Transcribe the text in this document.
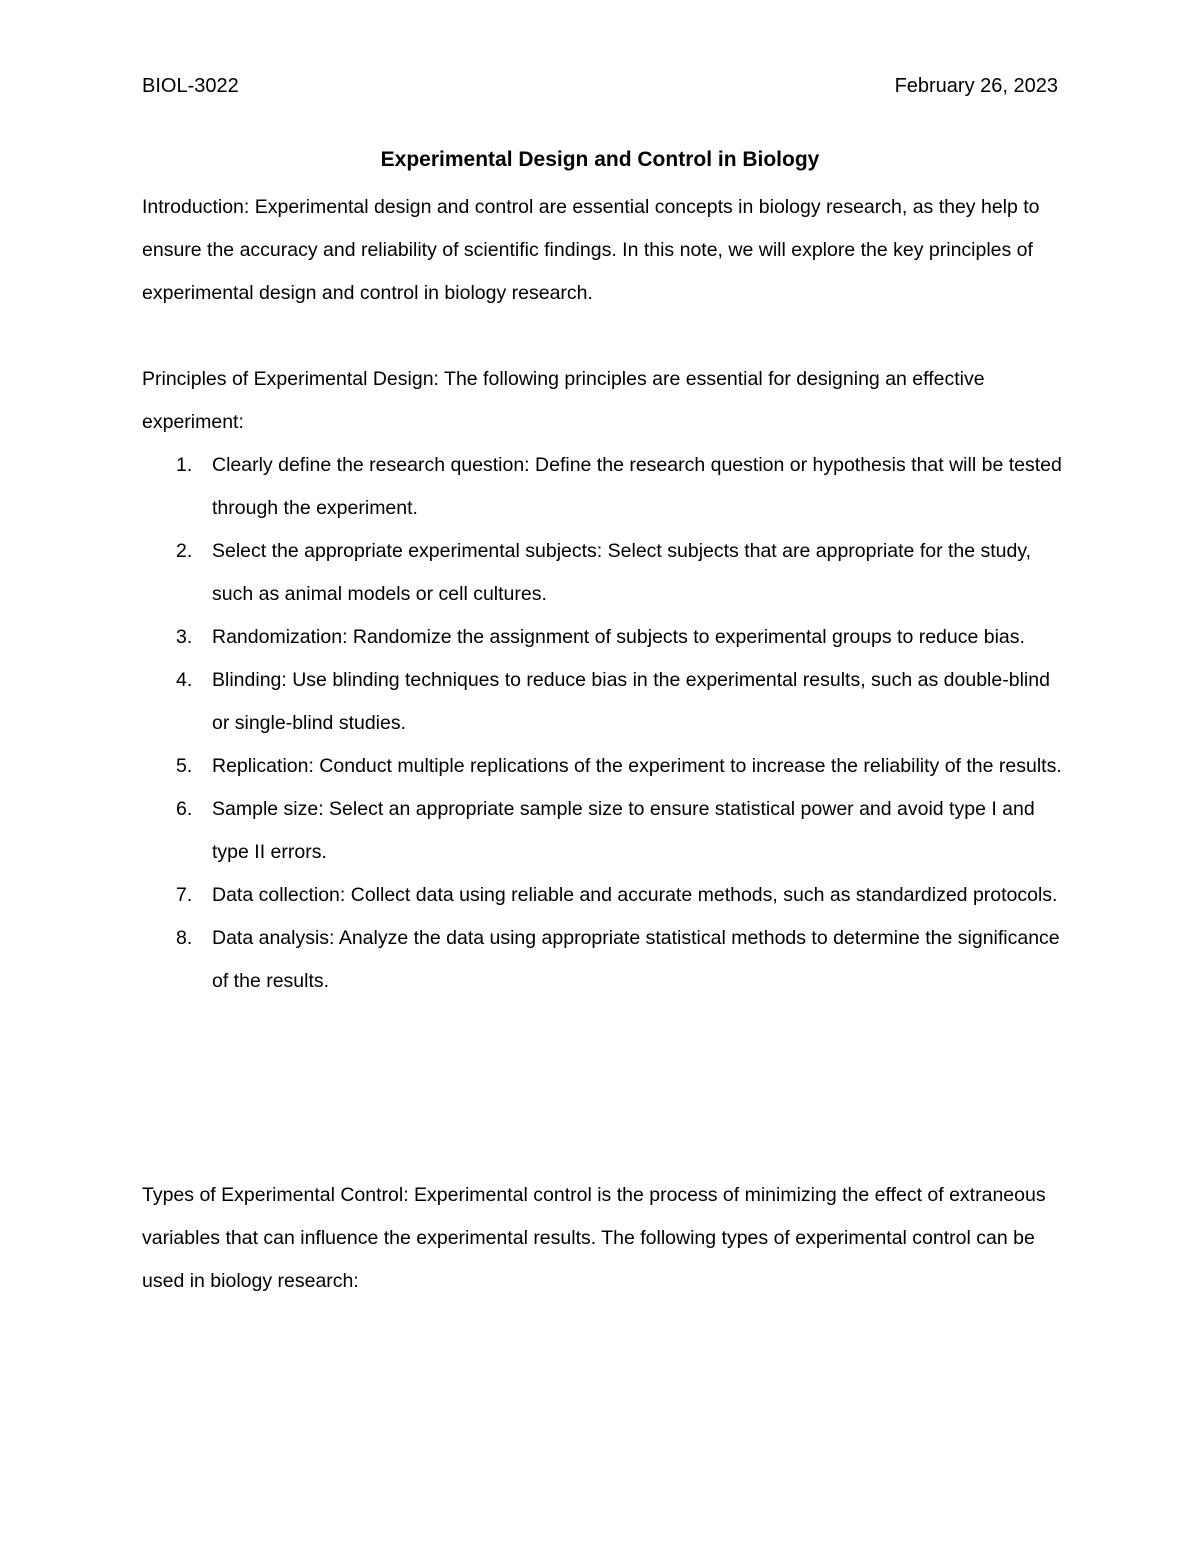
BIOL-3022	February 26, 2023
Experimental Design and Control in Biology

Introduction: Experimental design and control are essential concepts in biology research, as they help to ensure the accuracy and reliability of scientific findings. In this note, we will explore the key principles of experimental design and control in biology research.

Principles of Experimental Design: The following principles are essential for designing an effective experiment:

1. Clearly define the research question: Define the research question or hypothesis that will be tested through the experiment.
2. Select the appropriate experimental subjects: Select subjects that are appropriate for the study, such as animal models or cell cultures.
3. Randomization: Randomize the assignment of subjects to experimental groups to reduce bias.
4. Blinding: Use blinding techniques to reduce bias in the experimental results, such as double-blind or single-blind studies.
5. Replication: Conduct multiple replications of the experiment to increase the reliability of the results.
6. Sample size: Select an appropriate sample size to ensure statistical power and avoid type I and type II errors.
7. Data collection: Collect data using reliable and accurate methods, such as standardized protocols.
8. Data analysis: Analyze the data using appropriate statistical methods to determine the significance of the results.

Types of Experimental Control: Experimental control is the process of minimizing the effect of extraneous variables that can influence the experimental results. The following types of experimental control can be used in biology research:
